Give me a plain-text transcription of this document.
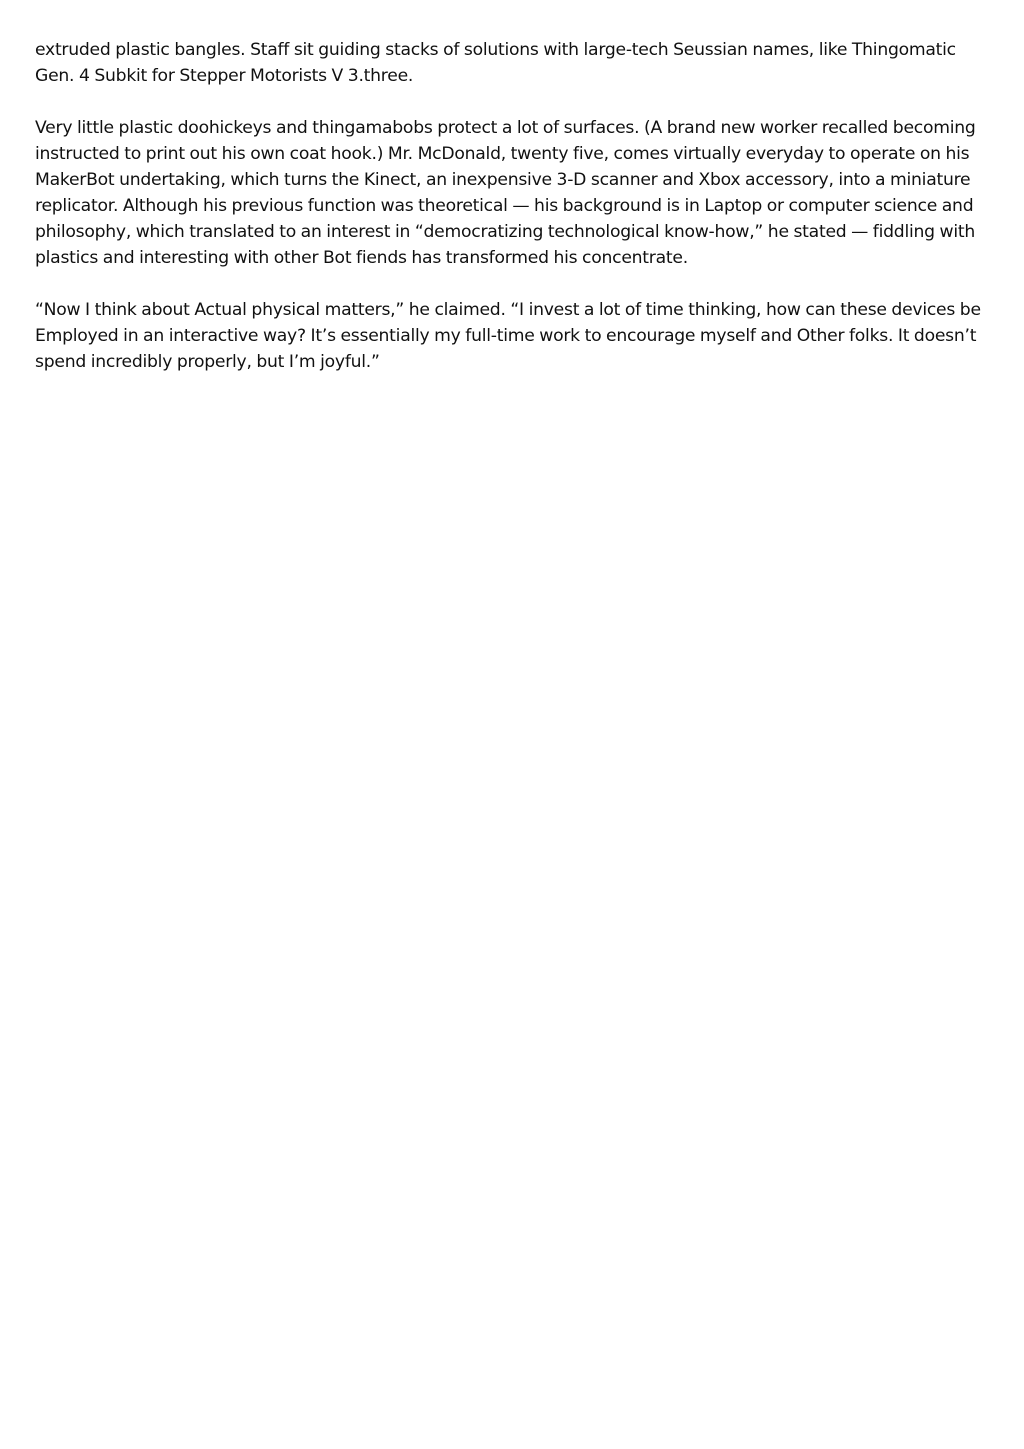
extruded plastic bangles. Staff sit guiding stacks of solutions with large-tech Seussian names, like Thingomatic Gen. 4 Subkit for Stepper Motorists V 3.three.

Very little plastic doohickeys and thingamabobs protect a lot of surfaces. (A brand new worker recalled becoming instructed to print out his own coat hook.) Mr. McDonald, twenty five, comes virtually everyday to operate on his MakerBot undertaking, which turns the Kinect, an inexpensive 3-D scanner and Xbox accessory, into a miniature replicator. Although his previous function was theoretical — his background is in Laptop or computer science and philosophy, which translated to an interest in “democratizing technological know-how,” he stated — fiddling with plastics and interesting with other Bot fiends has transformed his concentrate.

“Now I think about Actual physical matters,” he claimed. “I invest a lot of time thinking, how can these devices be Employed in an interactive way? It’s essentially my full-time work to encourage myself and Other folks. It doesn’t spend incredibly properly, but I’m joyful.”
